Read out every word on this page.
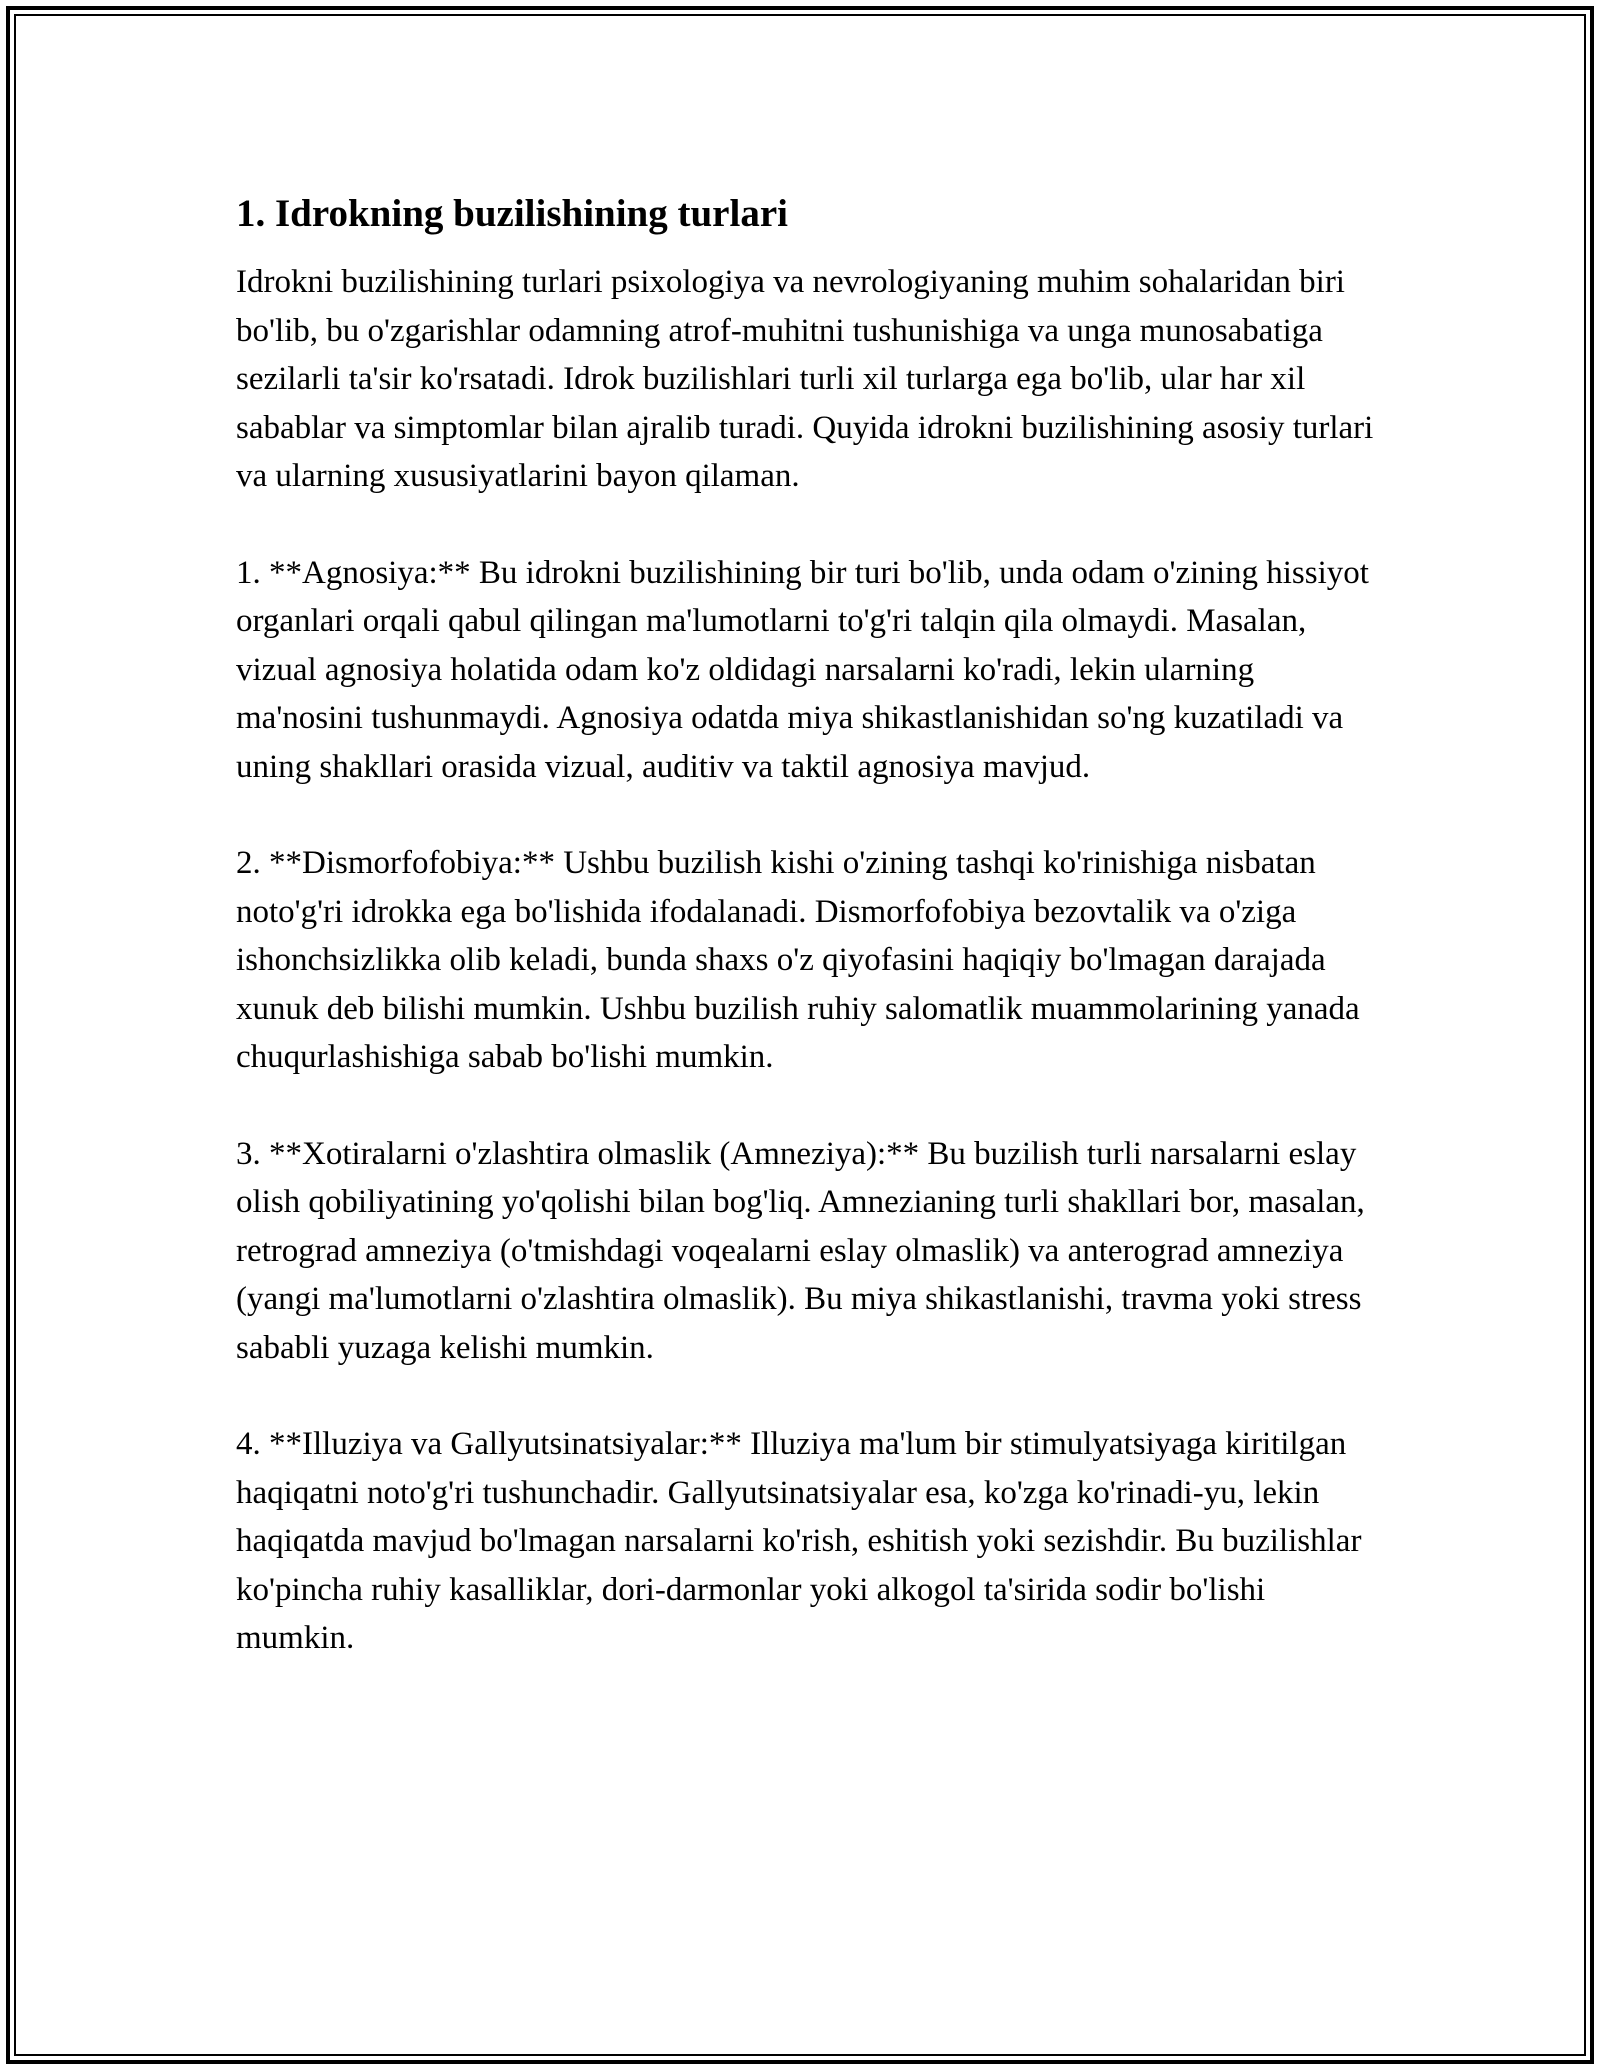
1. Idrokning buzilishining turlari

Idrokni buzilishining turlari psixologiya va nevrologiyaning muhim sohalaridan biri bo'lib, bu o'zgarishlar odamning atrof-muhitni tushunishiga va unga munosabatiga sezilarli ta'sir ko'rsatadi. Idrok buzilishlari turli xil turlarga ega bo'lib, ular har xil sabablar va simptomlar bilan ajralib turadi. Quyida idrokni buzilishining asosiy turlari va ularning xususiyatlarini bayon qilaman.

1. **Agnosiya:** Bu idrokni buzilishining bir turi bo'lib, unda odam o'zining hissiyot organlari orqali qabul qilingan ma'lumotlarni to'g'ri talqin qila olmaydi. Masalan, vizual agnosiya holatida odam ko'z oldidagi narsalarni ko'radi, lekin ularning ma'nosini tushunmaydi. Agnosiya odatda miya shikastlanishidan so'ng kuzatiladi va uning shakllari orasida vizual, auditiv va taktil agnosiya mavjud.

2. **Dismorfofobiya:** Ushbu buzilish kishi o'zining tashqi ko'rinishiga nisbatan noto'g'ri idrokka ega bo'lishida ifodalanadi. Dismorfofobiya bezovtalik va o'ziga ishonchsizlikka olib keladi, bunda shaxs o'z qiyofasini haqiqiy bo'lmagan darajada xunuk deb bilishi mumkin. Ushbu buzilish ruhiy salomatlik muammolarining yanada chuqurlashishiga sabab bo'lishi mumkin.

3. **Xotiralarni o'zlashtira olmaslik (Amneziya):** Bu buzilish turli narsalarni eslay olish qobiliyatining yo'qolishi bilan bog'liq. Amnezianing turli shakllari bor, masalan, retrograd amneziya (o'tmishdagi voqealarni eslay olmaslik) va anterograd amneziya (yangi ma'lumotlarni o'zlashtira olmaslik). Bu miya shikastlanishi, travma yoki stress sababli yuzaga kelishi mumkin.

4. **Illuziya va Gallyutsinatsiyalar:** Illuziya ma'lum bir stimulyatsiyaga kiritilgan haqiqatni noto'g'ri tushunchadir. Gallyutsinatsiyalar esa, ko'zga ko'rinadi-yu, lekin haqiqatda mavjud bo'lmagan narsalarni ko'rish, eshitish yoki sezishdir. Bu buzilishlar ko'pincha ruhiy kasalliklar, dori-darmonlar yoki alkogol ta'sirida sodir bo'lishi mumkin.
